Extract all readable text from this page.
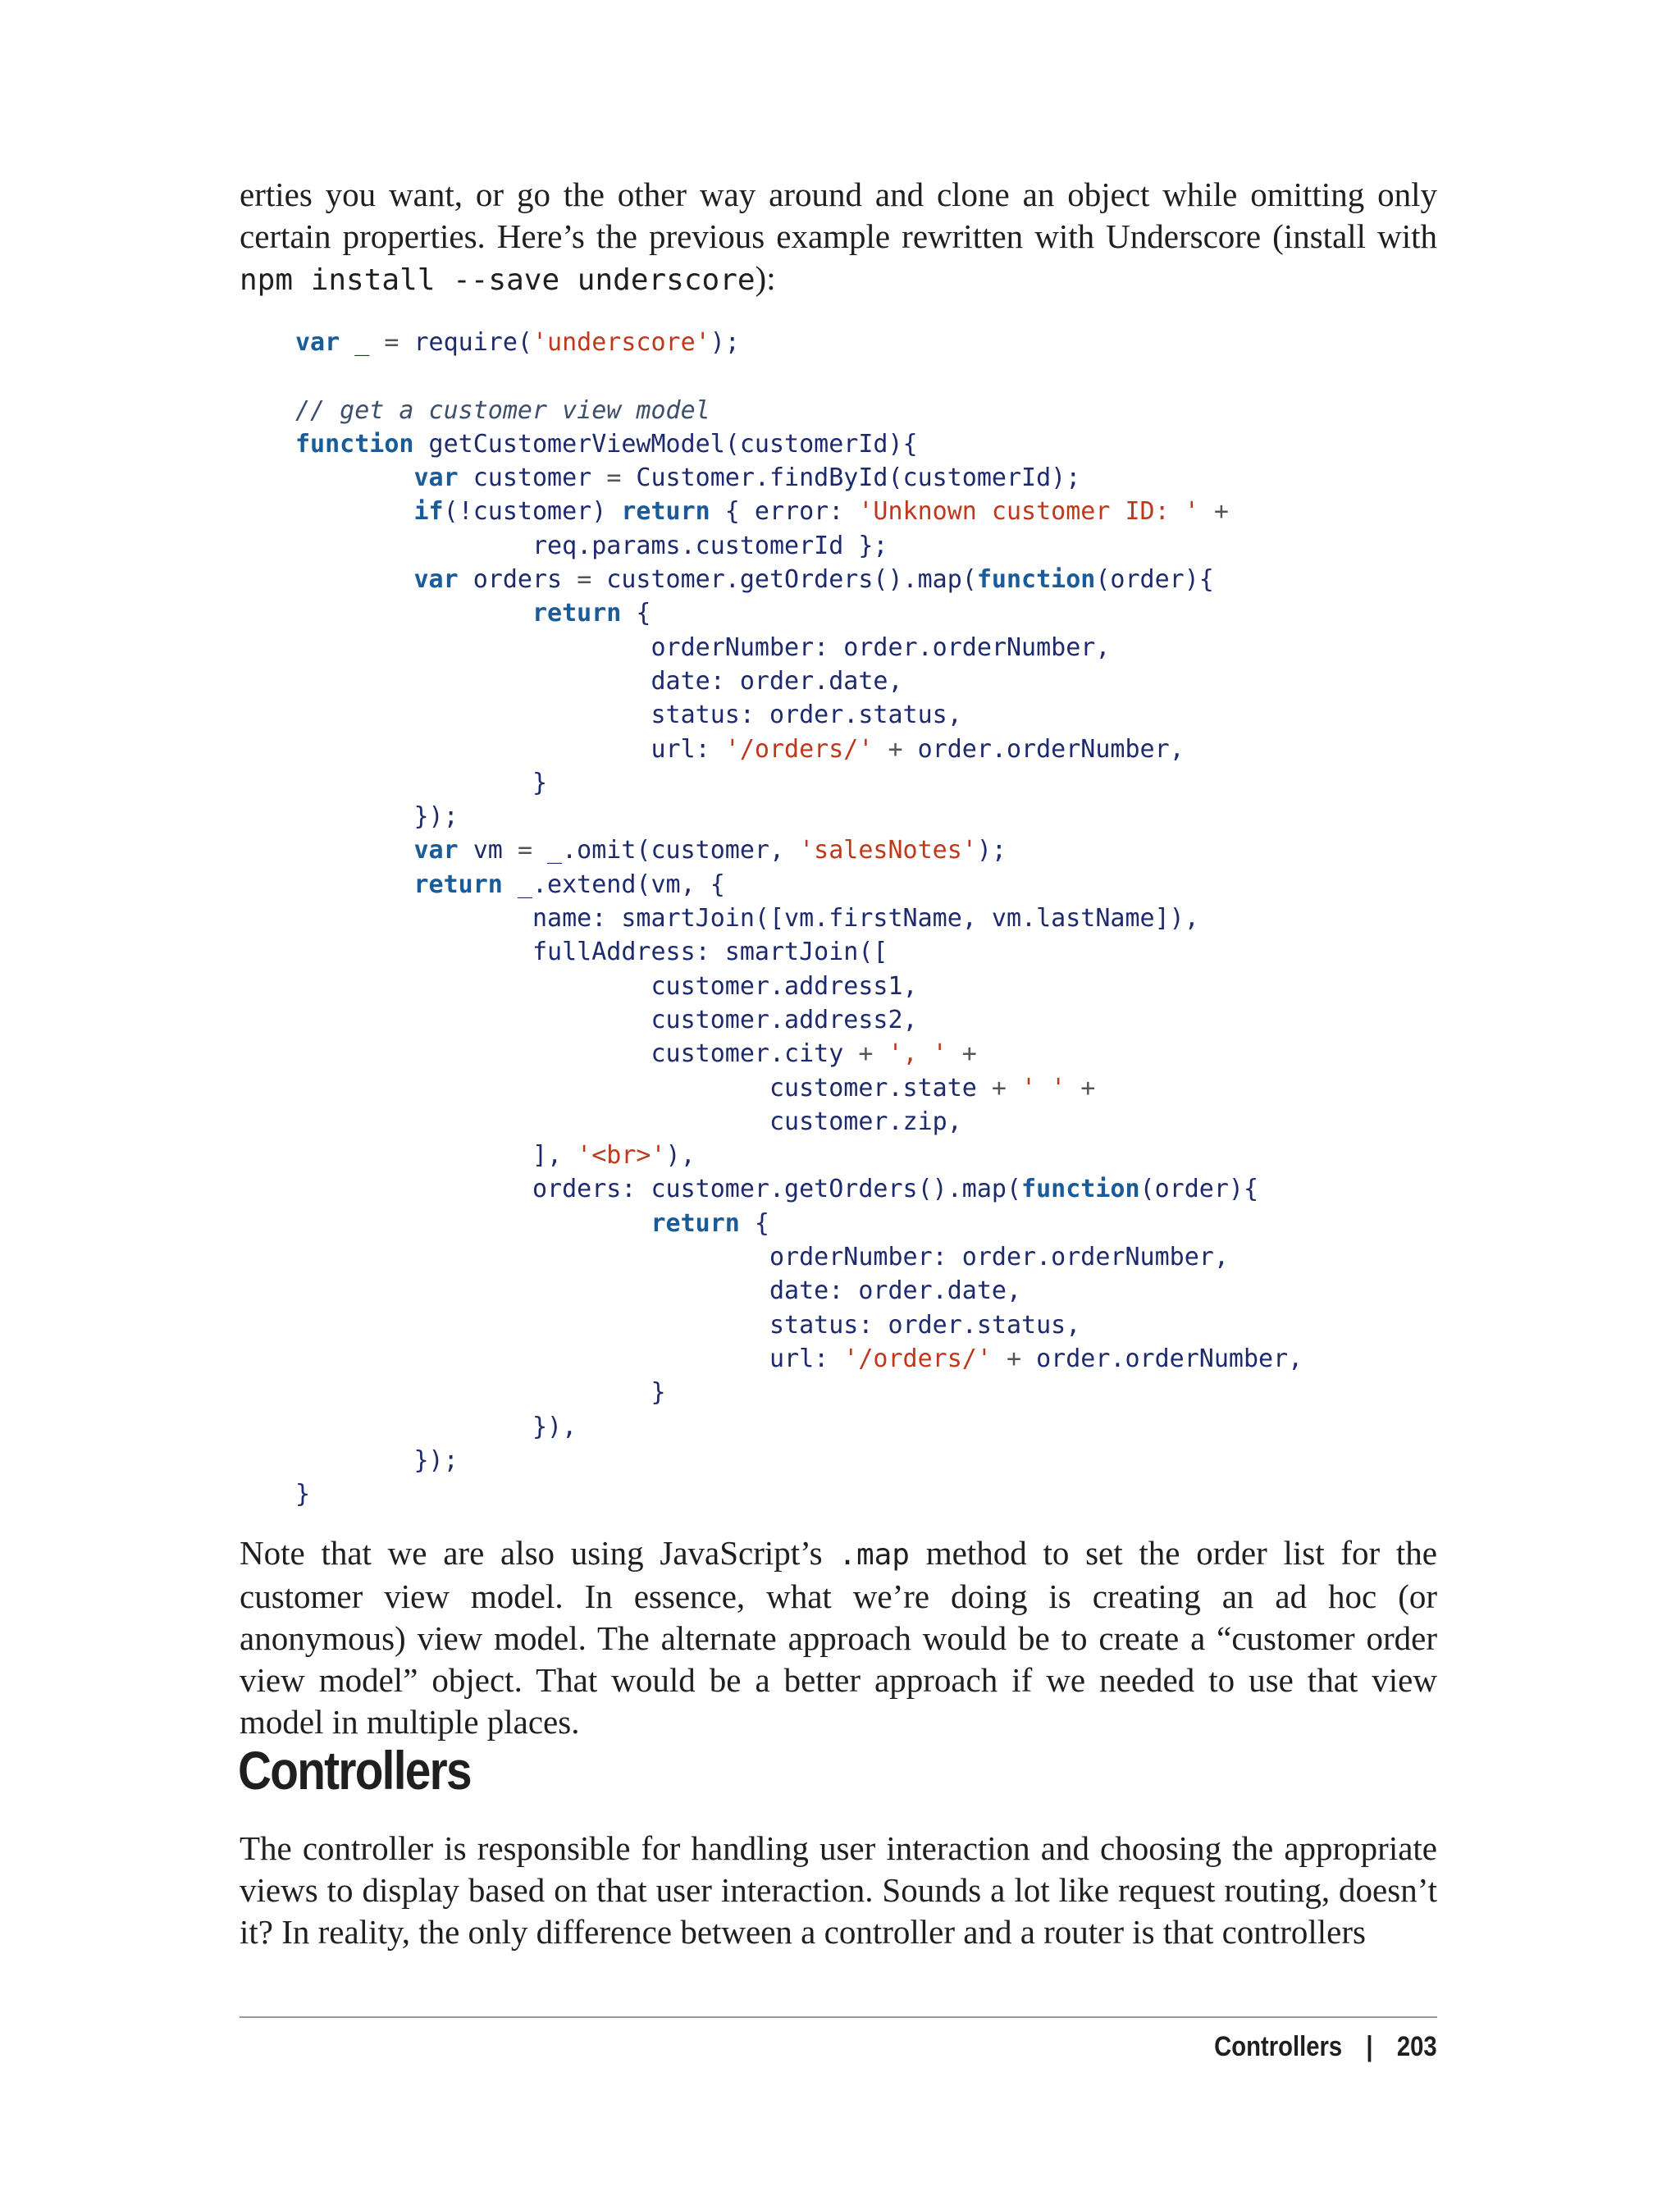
erties you want, or go the other way around and clone an object while omitting only certain properties. Here’s the previous example rewritten with Underscore (install with npm install --save underscore):

var _ = require('underscore');

// get a customer view model
function getCustomerViewModel(customerId){
var customer = Customer.findById(customerId);
if(!customer) return { error: 'Unknown customer ID: ' +
req.params.customerId };
var orders = customer.getOrders().map(function(order){
return {
orderNumber: order.orderNumber,
date: order.date,
status: order.status,
url: '/orders/' + order.orderNumber,
}
});
var vm = _.omit(customer, 'salesNotes');
return _.extend(vm, {
name: smartJoin([vm.firstName, vm.lastName]),
fullAddress: smartJoin([
customer.address1,
customer.address2,
customer.city + ', ' +
customer.state + ' ' +
customer.zip,
], '<br>'),
orders: customer.getOrders().map(function(order){
return {
orderNumber: order.orderNumber,
date: order.date,
status: order.status,
url: '/orders/' + order.orderNumber,
}
}),
});
}

Note that we are also using JavaScript’s .map method to set the order list for the customer view model. In essence, what we’re doing is creating an ad hoc (or anonymous) view model. The alternate approach would be to create a “customer order view model” object. That would be a better approach if we needed to use that view model in multiple places.

Controllers

The controller is responsible for handling user interaction and choosing the appropriate views to display based on that user interaction. Sounds a lot like request routing, doesn’t it? In reality, the only difference between a controller and a router is that controllers

Controllers | 203
